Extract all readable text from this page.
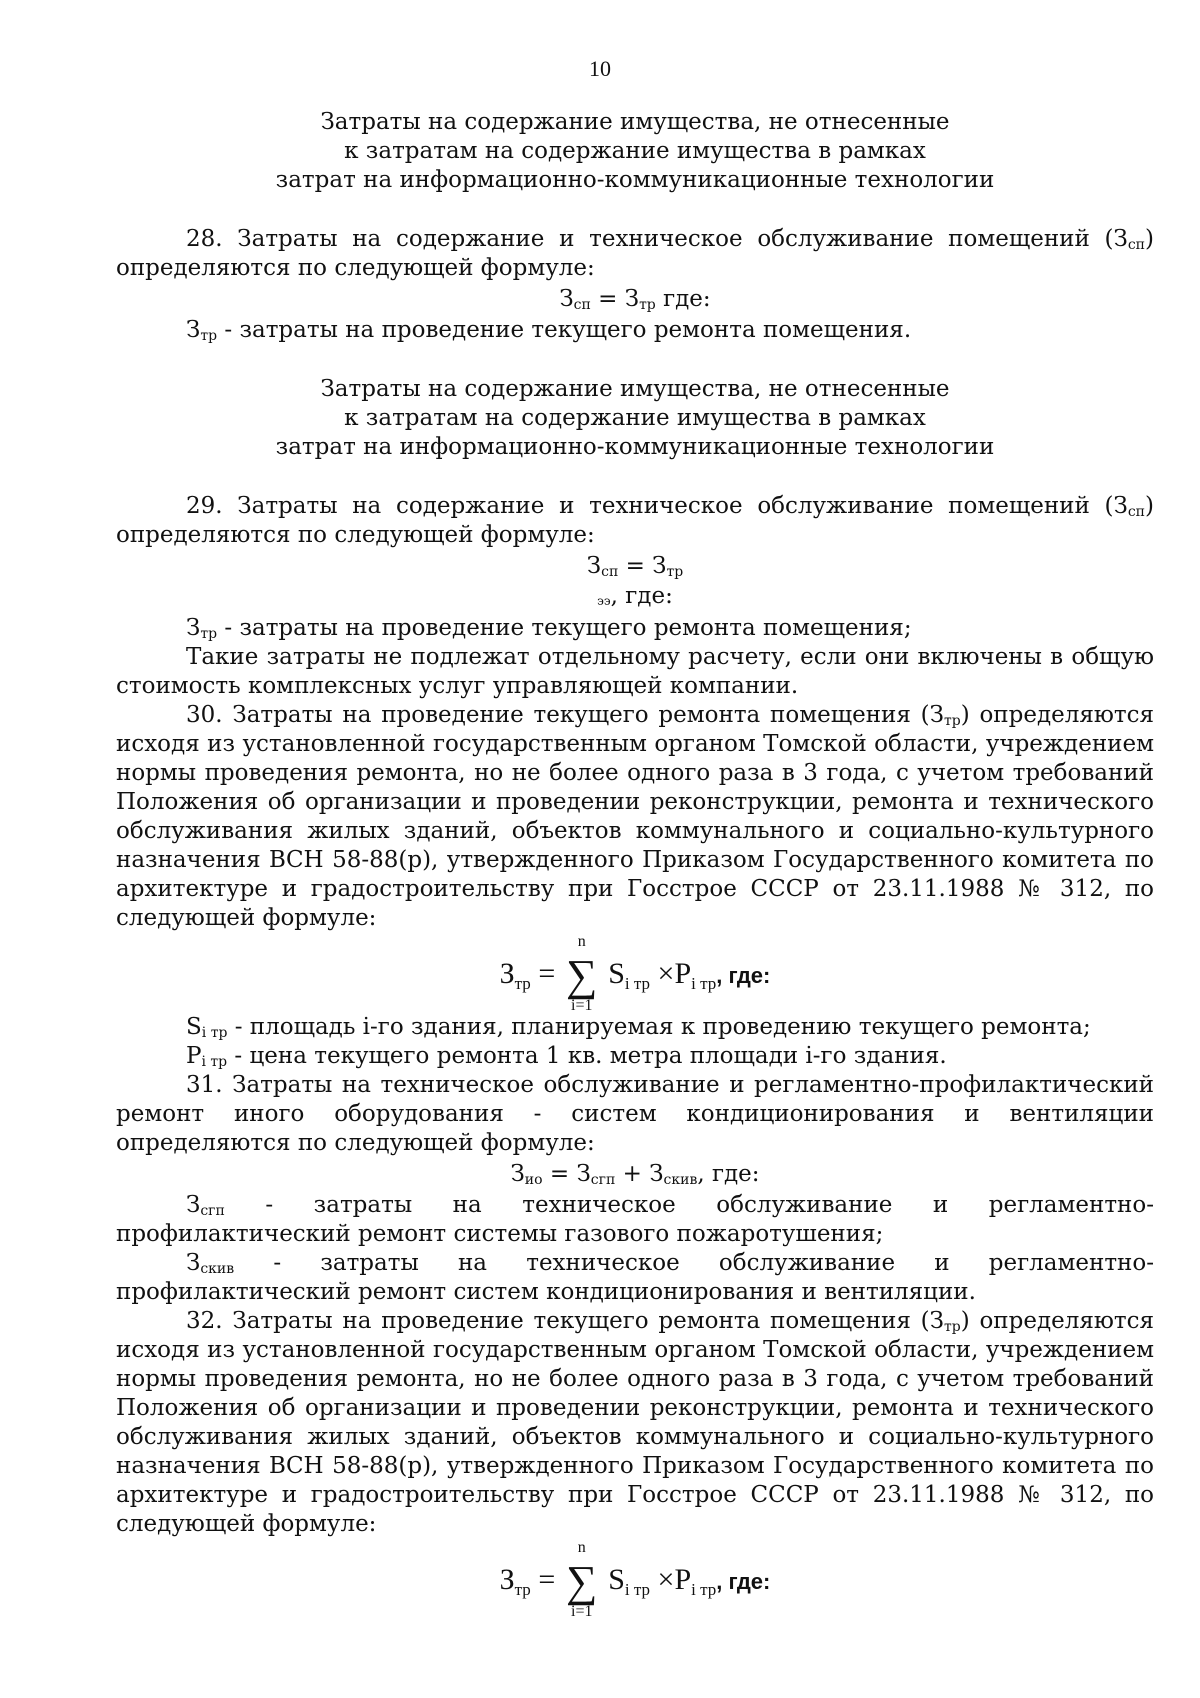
10
Затраты на содержание имущества, не отнесенные
к затратам на содержание имущества в рамках
затрат на информационно-коммуникационные технологии

28. Затраты на содержание и техническое обслуживание помещений $(З_{сп})$ определяются по следующей формуле:

$З_{сп} = З_{тр}$ где:

$З_{тр}$ - затраты на проведение текущего ремонта помещения.

Затраты на содержание имущества, не отнесенные
к затратам на содержание имущества в рамках
затрат на информационно-коммуникационные технологии

29. Затраты на содержание и техническое обслуживание помещений $(З_{сп})$ определяются по следующей формуле:

$З_{сп} = З_{тр}$
ээ, где:

$З_{тр}$ - затраты на проведение текущего ремонта помещения;

Такие затраты не подлежат отдельному расчету, если они включены в общую стоимость комплексных услуг управляющей компании.

30. Затраты на проведение текущего ремонта помещения $(З_{тр})$ определяются исходя из установленной государственным органом Томской области, учреждением нормы проведения ремонта, но не более одного раза в 3 года, с учетом требований Положения об организации и проведении реконструкции, ремонта и технического обслуживания жилых зданий, объектов коммунального и социально-культурного назначения ВСН 58-88(р), утвержденного Приказом Государственного комитета по архитектуре и градостроительству при Госстрое СССР от 23.11.1988 № 312, по следующей формуле:

$З_{тр}$ =
n
∑
i=1
$S_{i тр} \times P_{i тр}$, где:

$S_{i тр}$ - площадь i-го здания, планируемая к проведению текущего ремонта;

$P_{i тр}$ - цена текущего ремонта 1 кв. метра площади i-го здания.

31. Затраты на техническое обслуживание и регламентно-профилактический ремонт иного оборудования - систем кондиционирования и вентиляции определяются по следующей формуле:

$З_{ио} = З_{сгп} + З_{скив}$, где:

$З_{сгп}$ - затраты на техническое обслуживание и регламентно-профилактический ремонт системы газового пожаротушения;

$З_{скив}$ - затраты на техническое обслуживание и регламентно-профилактический ремонт систем кондиционирования и вентиляции.

32. Затраты на проведение текущего ремонта помещения $(З_{тр})$ определяются исходя из установленной государственным органом Томской области, учреждением нормы проведения ремонта, но не более одного раза в 3 года, с учетом требований Положения об организации и проведении реконструкции, ремонта и технического обслуживания жилых зданий, объектов коммунального и социально-культурного назначения ВСН 58-88(р), утвержденного Приказом Государственного комитета по архитектуре и градостроительству при Госстрое СССР от 23.11.1988 № 312, по следующей формуле:

$З_{тр}$ =
n
∑
i=1
$S_{i тр} \times P_{i тр}$, где:
